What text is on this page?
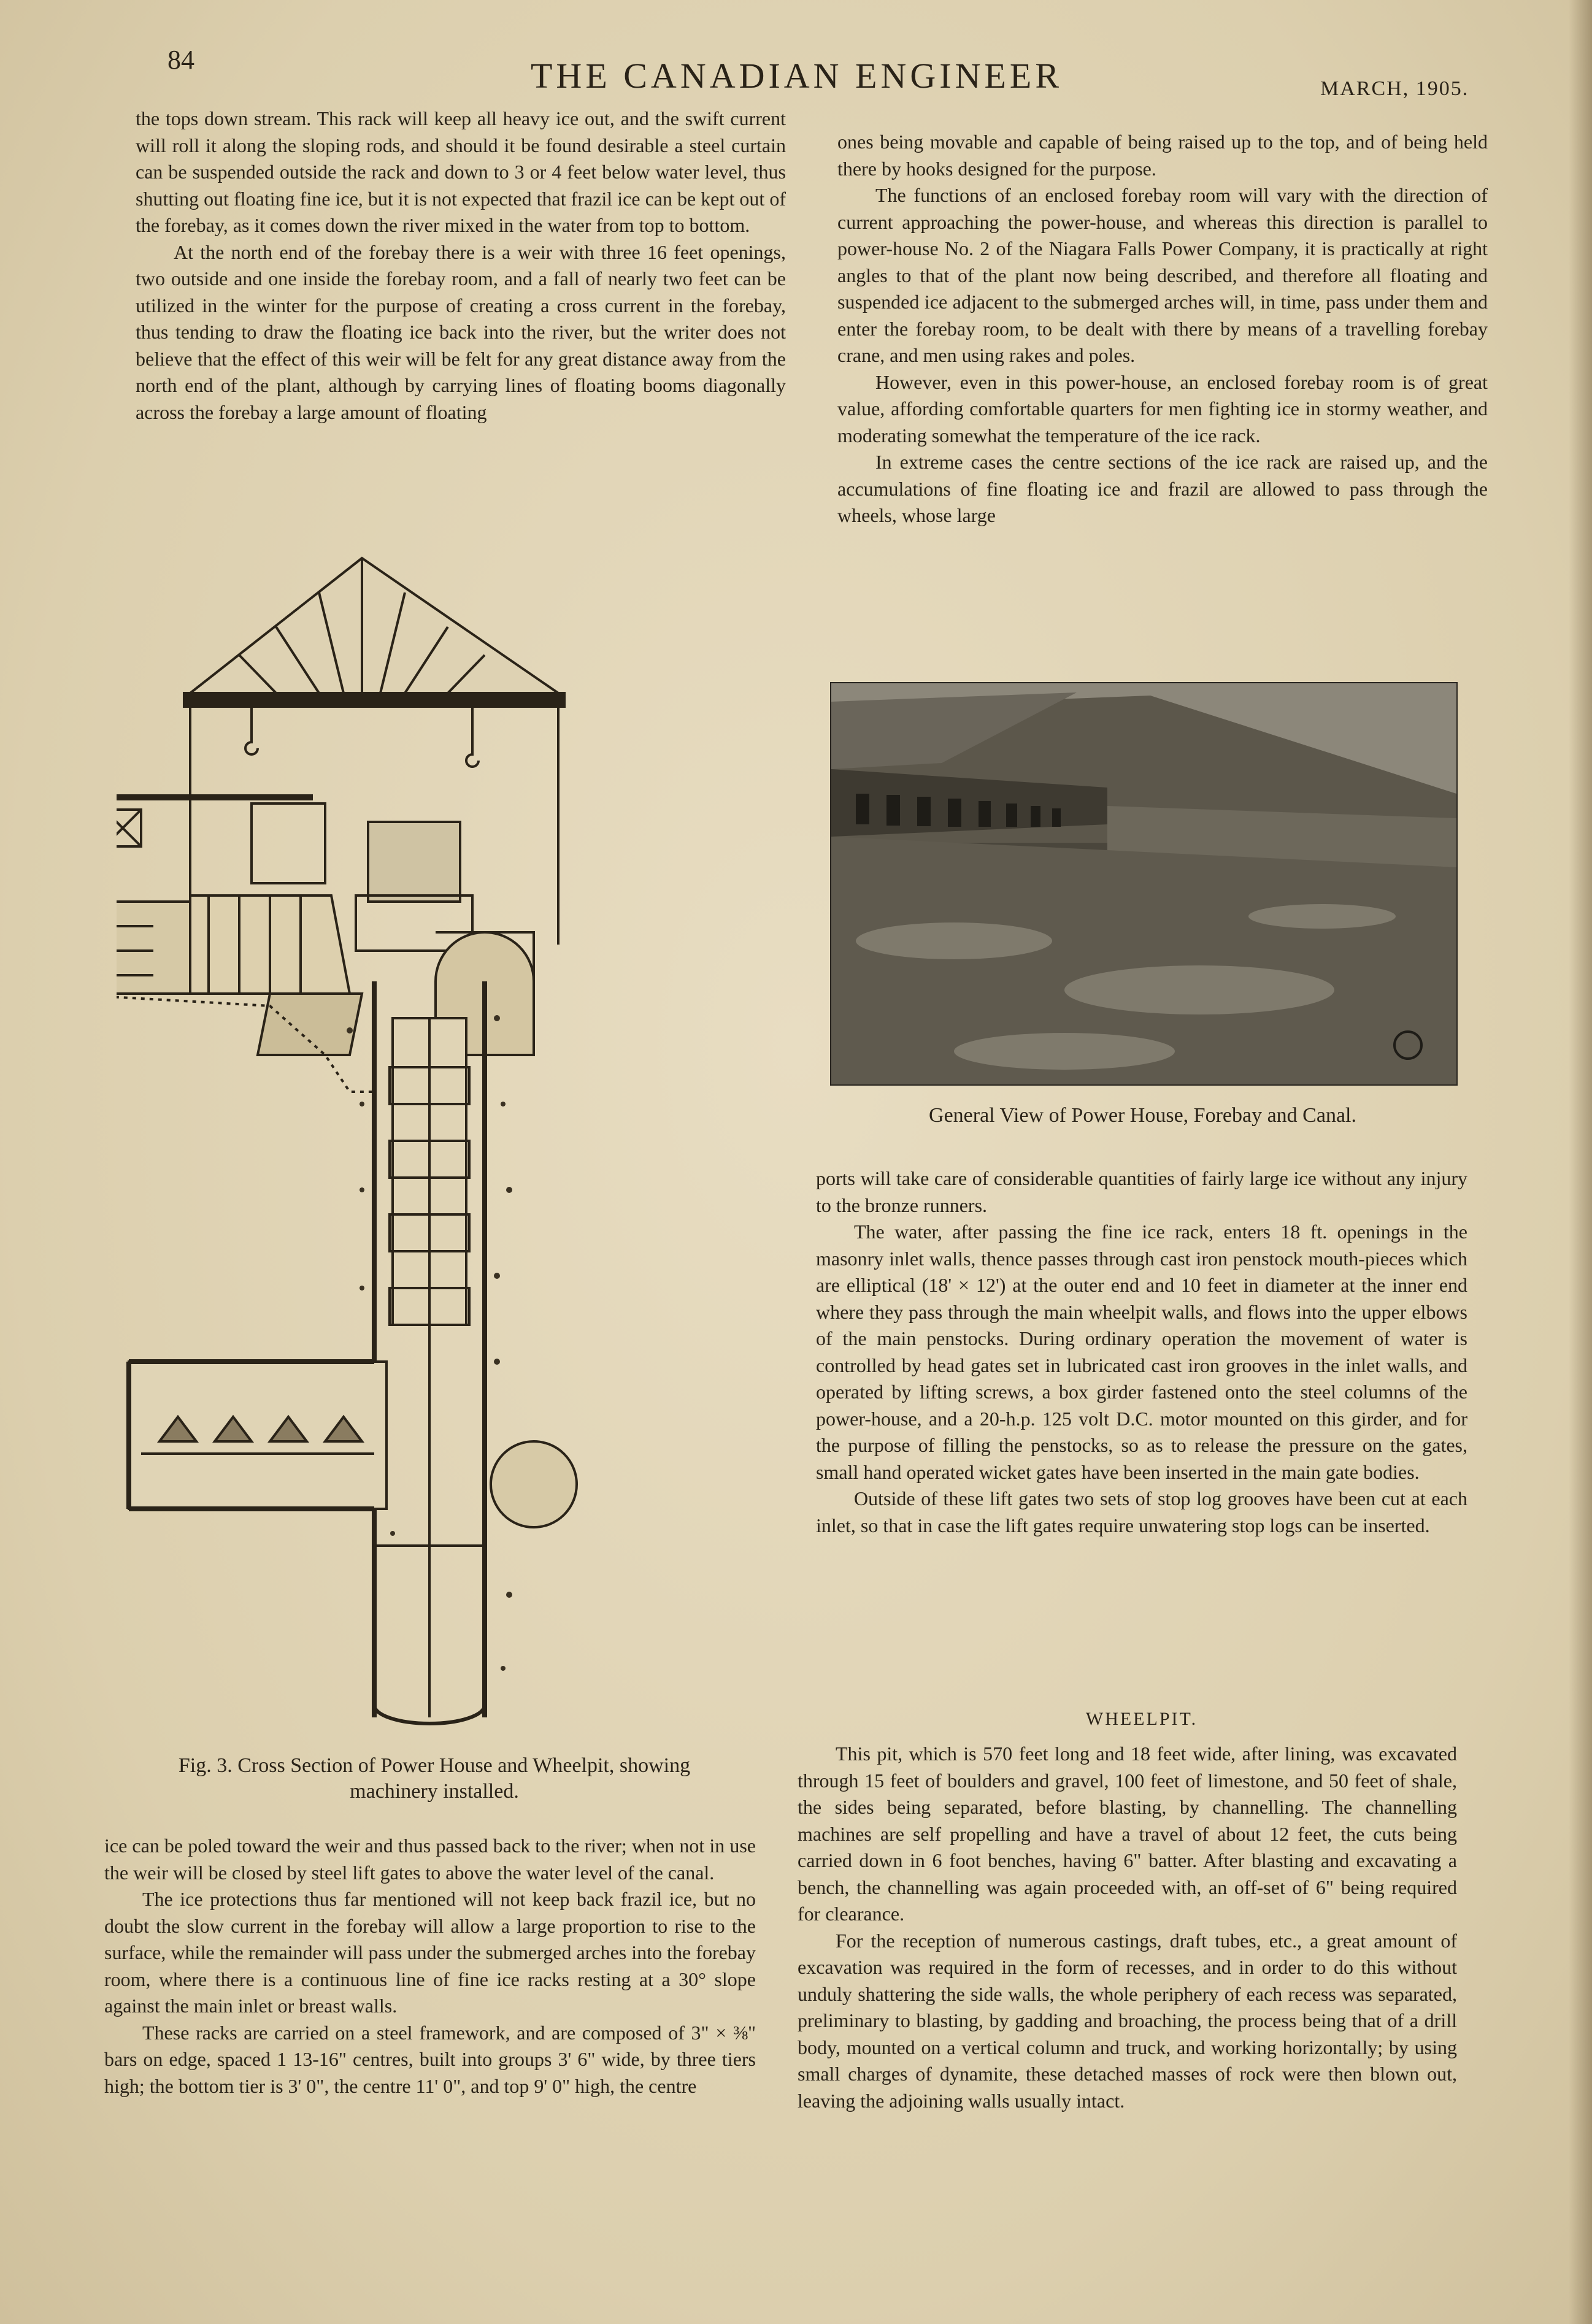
84	THE CANADIAN ENGINEER	MARCH, 1905.

the tops down stream. This rack will keep all heavy ice out, and the swift current will roll it along the sloping rods, and should it be found desirable a steel curtain can be suspended outside the rack and down to 3 or 4 feet below water level, thus shutting out floating fine ice, but it is not expected that frazil ice can be kept out of the forebay, as it comes down the river mixed in the water from top to bottom.

At the north end of the forebay there is a weir with three 16 feet openings, two outside and one inside the forebay room, and a fall of nearly two feet can be utilized in the winter for the purpose of creating a cross current in the forebay, thus tending to draw the floating ice back into the river, but the writer does not believe that the effect of this weir will be felt for any great distance away from the north end of the plant, although by carrying lines of floating booms diagonally across the forebay a large amount of floating

Fig. 3. Cross Section of Power House and Wheelpit, showing
machinery installed.

ice can be poled toward the weir and thus passed back to the river; when not in use the weir will be closed by steel lift gates to above the water level of the canal.

The ice protections thus far mentioned will not keep back frazil ice, but no doubt the slow current in the forebay will allow a large proportion to rise to the surface, while the remainder will pass under the submerged arches into the forebay room, where there is a continuous line of fine ice racks resting at a 30° slope against the main inlet or breast walls.

These racks are carried on a steel framework, and are composed of 3" × ⅜" bars on edge, spaced 1 13-16" centres, built into groups 3' 6" wide, by three tiers high; the bottom tier is 3' 0", the centre 11' 0", and top 9' 0" high, the centre

ones being movable and capable of being raised up to the top, and of being held there by hooks designed for the purpose.

The functions of an enclosed forebay room will vary with the direction of current approaching the power-house, and whereas this direction is parallel to power-house No. 2 of the Niagara Falls Power Company, it is practically at right angles to that of the plant now being described, and therefore all floating and suspended ice adjacent to the submerged arches will, in time, pass under them and enter the forebay room, to be dealt with there by means of a travelling forebay crane, and men using rakes and poles.

However, even in this power-house, an enclosed forebay room is of great value, affording comfortable quarters for men fighting ice in stormy weather, and moderating somewhat the temperature of the ice rack.

In extreme cases the centre sections of the ice rack are raised up, and the accumulations of fine floating ice and frazil are allowed to pass through the wheels, whose large

General View of Power House, Forebay and Canal.

ports will take care of considerable quantities of fairly large ice without any injury to the bronze runners.

The water, after passing the fine ice rack, enters 18 ft. openings in the masonry inlet walls, thence passes through cast iron penstock mouth-pieces which are elliptical (18' × 12') at the outer end and 10 feet in diameter at the inner end where they pass through the main wheelpit walls, and flows into the upper elbows of the main penstocks. During ordinary operation the movement of water is controlled by head gates set in lubricated cast iron grooves in the inlet walls, and operated by lifting screws, a box girder fastened onto the steel columns of the power-house, and a 20-h.p. 125 volt D.C. motor mounted on this girder, and for the purpose of filling the penstocks, so as to release the pressure on the gates, small hand operated wicket gates have been inserted in the main gate bodies.

Outside of these lift gates two sets of stop log grooves have been cut at each inlet, so that in case the lift gates require unwatering stop logs can be inserted.

WHEELPIT.

This pit, which is 570 feet long and 18 feet wide, after lining, was excavated through 15 feet of boulders and gravel, 100 feet of limestone, and 50 feet of shale, the sides being separated, before blasting, by channelling. The channelling machines are self propelling and have a travel of about 12 feet, the cuts being carried down in 6 foot benches, having 6" batter. After blasting and excavating a bench, the channelling was again proceeded with, an off-set of 6" being required for clearance.

For the reception of numerous castings, draft tubes, etc., a great amount of excavation was required in the form of recesses, and in order to do this without unduly shattering the side walls, the whole periphery of each recess was separated, preliminary to blasting, by gadding and broaching, the process being that of a drill body, mounted on a vertical column and truck, and working horizontally; by using small charges of dynamite, these detached masses of rock were then blown out, leaving the adjoining walls usually intact.
